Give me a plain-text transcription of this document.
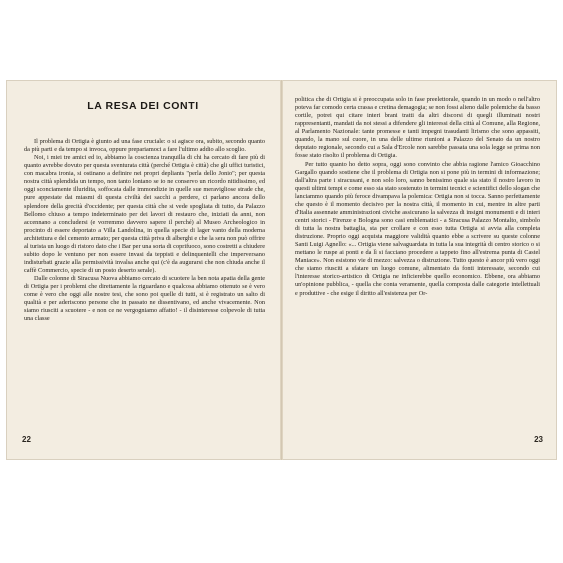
LA RESA DEI CONTI

Il problema di Ortigia è giunto ad una fase cruciale: o si agisce ora, subito, secondo quanto da più parti e da tempo si invoca, oppure prepariamoci a fare l'ultimo addio allo scoglio.

Noi, i miei tre amici ed io, abbiamo la coscienza tranquilla di chi ha cercato di fare più di quanto avrebbe dovuto per questa sventurata città (perché Ortigia è città) che gli uffici turistici, con macabra ironia, si ostinano a definire nei propri depliants "perla dello Jonio"; per questa nostra città splendida un tempo, non tanto lontano se io ne conservo un ricordo nitidissimo, ed oggi sconciamente illuridita, soffocata dalle immondizie in quelle sue meravigliose strade che, pure appestate dai miasmi di questa civiltà dei sacchi a perdere, ci parlano ancora dello splendore della grecità d'occidente; per questa città che si vede spogliata di tutto, da Palazzo Bellomo chiuso a tempo indeterminato per dei lavori di restauro che, iniziati da anni, non accennano a concludersi (e vorremmo davvero sapere il perché) al Museo Archeologico in procinto di essere deportato a Villa Landolina, in quella specie di lager vanto della moderna architettura e del cemento armato; per questa città priva di alberghi e che la sera non può offrire al turista un luogo di ristoro dato che i Bar per una sorta di coprifuoco, sono costretti a chiudere subito dopo le ventuno per non essere invasi da teppisti e delinquentelli che imperversano indisturbati grazie alla permissività invalsa anche qui (c'è da augurarsi che non chiuda anche il caffè Commercio, specie di un posto deserto serale).

Dalle colonne di Siracusa Nuova abbiamo cercato di scuotere la ben nota apatia della gente di Ortigia per i problemi che direttamente la riguardano e qualcosa abbiamo ottenuto se è vero come è vero che oggi alle nostre tesi, che sono poi quelle di tutti, si è registrato un salto di qualità e per aderiscono persone che in passato ne dissentivano, ed anche vivacemente. Non siamo riusciti a scuotere - e non ce ne vergogniamo affatto! - il disinteresse colpevole di tutta una classe

22

politica che di Ortigia si è preoccupata solo in fase preelettorale, quando in un modo o nell'altro poteva far comodo certa crassa e cretina demagogia; se non fossi alieno dalle polemiche da basso cortile, potrei qui citare interi brani tratti da altri discorsi di quegli illuminati nostri rappresentanti, mandati da noi stessi a difendere gli interessi della città al Comune, alla Regione, al Parlamento Nazionale: tante promesse e tanti impegni trasudanti lirismo che sono appassiti, quando, la mano sul cuore, in una delle ultime riunioni a Palazzo del Senato da un nostro deputato regionale, secondo cui a Sala d'Ercole non sarebbe passata una sola legge se prima non fosse stato risolto il problema di Ortigia.

Per tutto quanto ho detto sopra, oggi sono convinto che abbia ragione l'amico Gioacchino Gargallo quando sostiene che il problema di Ortigia non si pone più in termini di informazione; dall'altra parte i siracusani, e non solo loro, sanno benissimo quale sia stato il nostro lavoro in questi ultimi tempi e come esso sia stato sostenuto in termini tecnici e scientifici dello slogan che lanciammo quando più feroce divampava la polemica: Ortigia non si tocca. Sanno perfettamente che questo è il momento decisivo per la nostra città, il momento in cui, mentre in altre parti d'Italia assennate amministrazioni civiche assicurano la salvezza di insigni monumenti e di interi centri storici - Firenze e Bologna sono casi emblematici - a Siracusa Palazzo Montalto, simbolo di tutta la nostra battaglia, sta per crollare e con esso tutta Ortigia si avvia alla completa distruzione. Proprio oggi acquista maggiore validità quanto ebbe a scrivere su queste colonne Santi Luigi Agnello: «... Ortigia viene salvaguardata in tutta la sua integrità di centro storico o si mettano le ruspe ai ponti e da lì si facciano procedere a tappeto fino all'estrema punta di Castel Maniace». Non esistono vie di mezzo: salvezza o distruzione. Tutto questo è ancor più vero oggi che siamo riusciti a sfatare un luogo comune, alimentato da fonti interessate, secondo cui l'interesse storico-artistico di Ortigia ne inficierebbe quello economico. Ebbene, ora abbiamo un'opinione pubblica, - quella che conta veramente, quella composta dalle categorie intellettuali e produttive - che esige il diritto all'esistenza per Or-

23
